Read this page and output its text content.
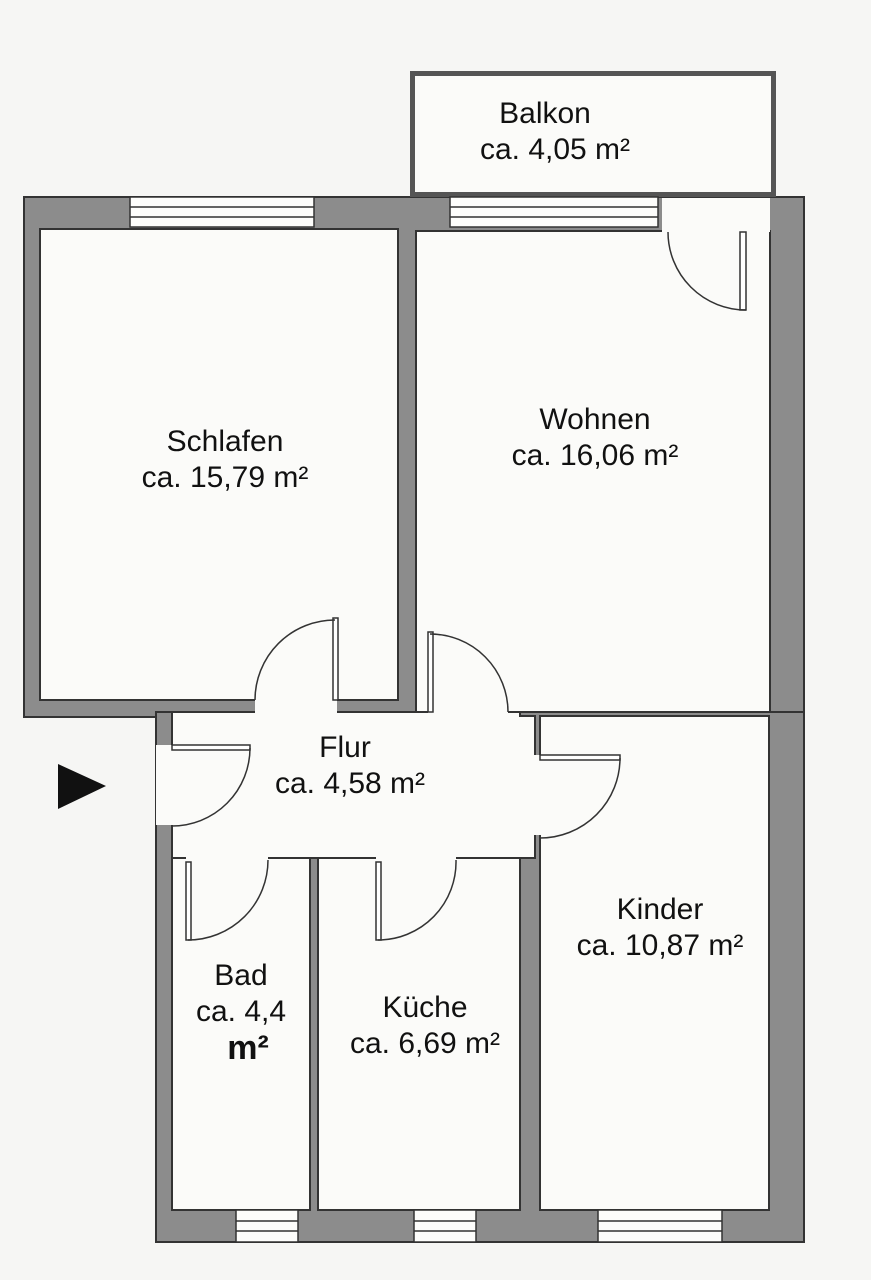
Balkon
ca. 4,05 m²
Schlafen
ca. 15,79 m²
Wohnen
ca. 16,06 m²
Flur
ca. 4,58 m²
Bad
ca. 4,4
m²
Küche
ca. 6,69 m²
Kinder
ca. 10,87 m²
